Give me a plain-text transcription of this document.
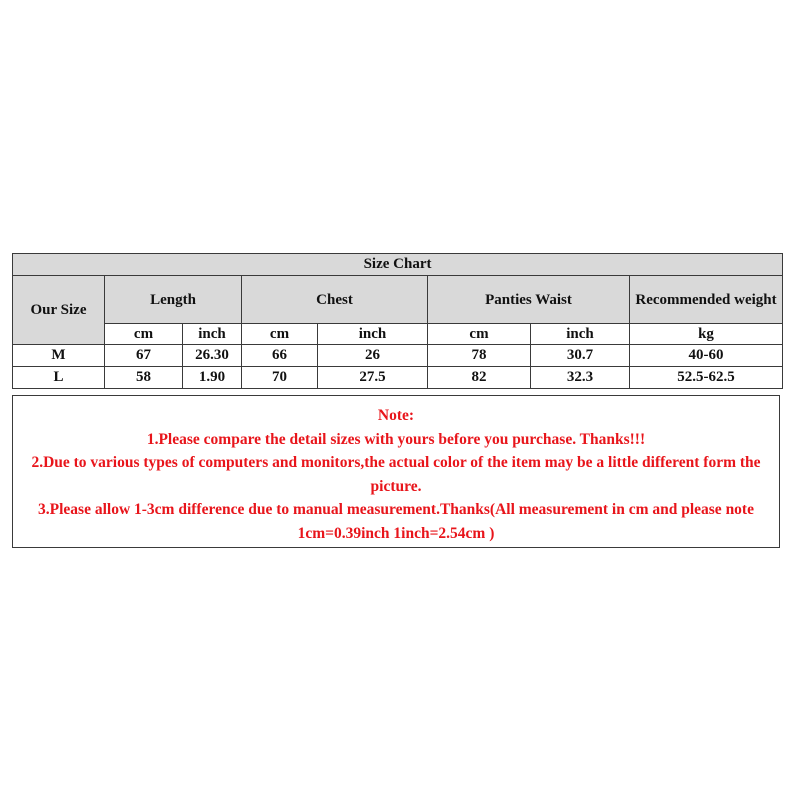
Size Chart							
Our Size	Length		Chest		Panties Waist		Recommended weight
	cm	inch	cm	inch	cm	inch	kg
M	67	26.30	66	26	78	30.7	40-60
L	58	1.90	70	27.5	82	32.3	52.5-62.5
Note:
1.Please compare the detail sizes with yours before you purchase. Thanks!!!
2.Due to various types of computers and monitors,the actual color of the item may be a little different form the picture.
3.Please allow 1-3cm difference due to manual measurement.Thanks(All measurement in cm and please note 1cm=0.39inch 1inch=2.54cm )
